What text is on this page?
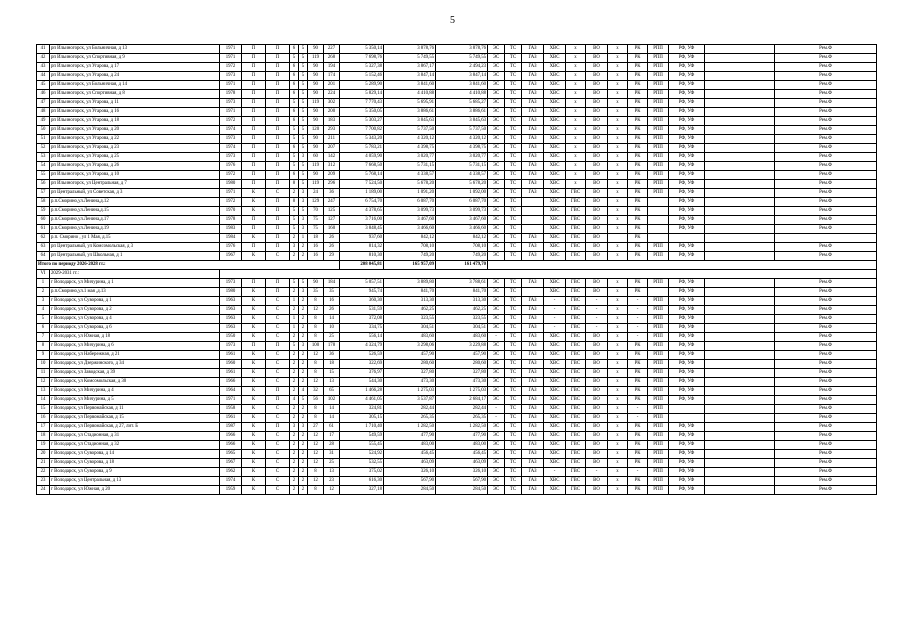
5
41	рп Ильиногорск, ул Больничная, д 13	1971	П	П	6	5	90	227	5 350,14	3 878,76	3 878,76	ЭС	ТС	ГАЗ	ХВС	х	ВО	х	РК	РПП	РФ, УФ		Рем.Ф
42	рп Ильиногорск, ул Спортивная, д 9	1971	П	П	5	5	119	268	7 698,76	5 749,55	5 749,55	ЭС	ТС	ГАЗ	ХВС	х	ВО	х	РК	РПП	РФ, УФ		Рем.Ф
43	рп Ильиногорск, ул Угарова, д 17	1972	П	П	6	5	90	194	5 327,38	3 867,17	2 494,23	ЭС	ТС	ГАЗ	ХВС	х	ВО	х	РК	РПП	РФ, УФ		Рем.Ф
44	рп Ильиногорск, ул Угарова, д 24	1973	П	П	6	5	90	174	5 152,46	3 847,14	3 847,14	ЭС	ТС	ГАЗ	ХВС	х	ВО	х	РК	РПП	РФ, УФ		Рем.Ф
45	рп Ильиногорск, ул Больничная, д 14	1971	П	П	6	5	90	201	5 289,90	3 841,60	3 841,60	ЭС	ТС	ГАЗ	ХВС	х	ВО	х	РК	РПП	РФ, УФ		Рем.Ф
46	рп Ильиногорск, ул Спортивная, д 8	1978	П	П	6	5	90	224	5 829,14	4 410,88	4 410,88	ЭС	ТС	ГАЗ	ХВС	х	ВО	х	РК	РПП	РФ, УФ		Рем.Ф
47	рп Ильиногорск, ул Угарова, д 11	1973	П	П	5	5	119	302	7 770,43	5 695,91	5 685,27	ЭС	ТС	ГАЗ	ХВС	х	ВО	х	РК	РПП	РФ, УФ		Рем.Ф
48	рп Ильиногорск, ул Угарова, д 16	1971	П	П	6	5	90	200	5 350,05	3 886,61	3 886,61	ЭС	ТС	ГАЗ	ХВС	х	ВО	х	РК	РПП	РФ, УФ		Рем.Ф
49	рп Ильиногорск, ул Угарова, д 18	1972	П	П	6	5	90	183	5 303,27	3 845,63	3 845,63	ЭС	ТС	ГАЗ	ХВС	х	ВО	х	РК	РПП	РФ, УФ		Рем.Ф
50	рп Ильиногорск, ул Угарова, д 20	1974	П	П	5	5	120	293	7 700,82	5 737,50	5 737,50	ЭС	ТС	ГАЗ	ХВС	х	ВО	х	РК	РПП	РФ, УФ		Рем.Ф
51	рп Ильиногорск, ул Угарова, д 22	1973	П	П	5	5	90	211	5 343,20	4 320,12	4 320,12	ЭС	ТС	ГАЗ	ХВС	х	ВО	х	РК	РПП	РФ, УФ		Рем.Ф
52	рп Ильиногорск, ул Угарова, д 23	1974	П	П	6	5	90	207	5 783,21	4 398,75	4 398,75	ЭС	ТС	ГАЗ	ХВС	х	ВО	х	РК	РПП	РФ, УФ		Рем.Ф
53	рп Ильиногорск, ул Угарова, д 25	1973	П	П	5	3	60	142	4 059,90	3 020,77	3 020,77	ЭС	ТС	ГАЗ	ХВС	х	ВО	х	РК	РПП	РФ, УФ		Рем.Ф
54	рп Ильиногорск, ул Угарова, д 26	1976	П	П	5	5	119	312	7 668,50	5 731,15	5 731,15	ЭС	ТС	ГАЗ	ХВС	х	ВО	х	РК	РПП	РФ, УФ		Рем.Ф
55	рп Ильиногорск, ул Угарова, д 10	1972	П	П	6	5	90	209	5 768,14	4 338,57	4 338,57	ЭС	ТС	ГАЗ	ХВС	х	ВО	х	РК	РПП	РФ, УФ		Рем.Ф
56	рп Ильиногорск, ул Центральная, д 7	1980	П	П	8	5	119	296	7 524,50	5 678,20	5 678,20	ЭС	ТС	ГАЗ	ХВС	х	ВО	х	РК	РПП	РФ, УФ		Рем.Ф
57	рп Центральный, ул Советская, д 3	1971	К	С	2	3	24	36	1 189,00	1 091,20	1 092,00	ЭС	ТС	ГАЗ	ХВС	ГВС	ВО	х	РК	РПП	РФ, УФ		Рем.Ф
58	р.п.Сморино,ул.Ленина,д.12	1972	К	П	8	3	129	247	6 754,70	6 087,70	6 087,70	ЭС	ТС		ХВС	ГВС	ВО	х	РК		РФ, УФ		Рем.Ф
59	р.п.Сморино,ул.Ленина,д.15	1970	К	П	5	5	70	125	4 378,65	3 099,73	3 099,73	ЭС	ТС		ХВС	ГВС	ВО	х	РК		РФ, УФ		Рем.Ф
60	р.п.Сморино,ул.Ленина,д.17	1978	П	П	5	3	75	127	3 716,00	3 467,60	3 467,60	ЭС	ТС		ХВС	ГВС	ВО	х	РК		РФ, УФ		Рем.Ф
61	р.п.Сморино,ул.Ленина,д.19	1983	П	П	5	3	75	160	3 848,45	3 466,60	3 466,60	ЭС	ТС		ХВС	ГВС	ВО	х	РК		РФ, УФ		Рем.Ф
62	р.п. Сморино , ул 1 Мая, д.15	1984	К	П	2	1	18	26	937,60	842,12	842,12	ЭС	ТС	ГАЗ	ХВС	ГВС	ВО		РК				
63	рп Центральный, ул Комсомольская, д 3	1976	П	П	3	2	16	26	814,32	708,10	708,10	ЭС	ТС	ГАЗ	ХВС	ГВС	ВО	х	РК	РПП	РФ, УФ		Рем.Ф
64	рп Центральный, ул Школьная, д 1	1967	К	С	2	2	16	29	810,30	749,20	749,20	ЭС	ТС	ГАЗ	ХВС	ГВС	ВО	х	РК	РПП	РФ, УФ		Рем.Ф
Итого по периоду 2026-2028 гг.:									208 045,81	165 957,09	161 479,70												
VI	2029-2031 гг.:																						
1	г Володарск, ул Мичурина, д 1	1973	П	П	5	5	90	184	5 057,51	3 889,80	3 788,61	ЭС	ТС	ГАЗ	ХВС	ГВС	ВО	х	РК	РПП	РФ, УФ		Рем.Ф
2	р.п.Сморино,ул.1 мая ,д.13	1980	К	П	2	3	35	35	945,74	841,70	841,70	ЭС	ТС		ХВС	ГВС	ВО	х	РК		РФ, УФ		Рем.Ф
3	г Володарск, ул Суворова, д 1	1963	К	С	1	2	8	16	360,30	313,30	313,30	ЭС	ТС	ГАЗ	-	ГВС	-	х	-	РПП	РФ, УФ		Рем.Ф
4	г Володарск, ул Суворова, д 2	1963	К	С	2	2	12	26	531,59	462,25	462,25	ЭС	ТС	ГАЗ	-	ГВС	-	х	-	РПП	РФ, УФ		Рем.Ф
5	г Володарск, ул Суворова, д 4	1963	К	С	1	2	8	14	372,08	323,55	323,55	ЭС	ТС	ГАЗ	-	ГВС	-	х	-	РПП	РФ, УФ		Рем.Ф
6	г Володарск, ул Суворова, д 6	1963	К	С	1	2	8	10	334,75	304,51	304,51	ЭС	ТС	ГАЗ	-	ГВС	-	х	-	РПП	РФ, УФ		Рем.Ф
7	г Володарск, ул Южная, д 18	1950	К	С	2	2	8	25	556,14	483,60	483,60	-	ТС	ГАЗ	ХВС	ГВС	ВО	х	-	РПП	РФ, УФ		Рем.Ф
8	г Володарск, ул Мичурина, д 6	1973	П	П	5	3	100	178	4 324,79	3 298,06	3 229,88	ЭС	ТС	ГАЗ	ХВС	ГВС	ВО	х	РК	РПП	РФ, УФ		Рем.Ф
9	г Володарск, ул Набережная, д 21	1961	К	С	2	2	12	36	526,59	457,90	457,90	ЭС	ТС	ГАЗ	ХВС	ГВС	ВО	х	РК	РПП	РФ, УФ		Рем.Ф
10	г Володарск, ул Дзержинского, д 34	1960	К	С	2	2	8	18	322,69	280,60	280,60	ЭС	ТС	ГАЗ	ХВС	ГВС	ВО	х	РК	РПП	РФ, УФ		Рем.Ф
11	г Володарск, ул Заводская, д 39	1961	К	С	2	2	8	15	376,97	327,80	327,80	ЭС	ТС	ГАЗ	ХВС	ГВС	ВО	х	РК	РПП	РФ, УФ		Рем.Ф
12	г Володарск, ул Комсомольская, д 30	1966	К	С	2	2	12	13	544,30	473,30	473,30	ЭС	ТС	ГАЗ	ХВС	ГВС	ВО	х	РК	РПП	РФ, УФ		Рем.Ф
13	г Володарск, ул Мичурина, д 4	1964	К	П	2	4	32	65	1 466,28	1 275,03	1 275,03	ЭС	ТС	ГАЗ	ХВС	ГВС	ВО	х	РК	РПП	РФ, УФ		Рем.Ф
14	г Володарск, ул Мичурина, д 5	1971	К	П	4	5	56	102	4 461,05	3 537,87	2 684,17	ЭС	ТС	ГАЗ	ХВС	ГВС	ВО	х	РК	РПП	РФ, УФ		Рем.Ф
15	г Володарск, ул Первомайская, д 11	1958	К	С	2	2	8	14	324,81	282,44	282,44	-	ТС	ГАЗ	ХВС	ГВС	ВО	х	-	РПП			Рем.Ф
16	г Володарск, ул Первомайская, д 15	1961	К	С	2	2	8	14	305,15	265,35	265,35	-	ТС	ГАЗ	ХВС	ГВС	ВО	х	-	РПП			Рем.Ф
17	г Володарск, ул Первомайская, д 27, лит. Б	1987	К	П	3	3	27	61	1 710,40	1 282,50	1 282,50	ЭС	ТС	ГАЗ	ХВС	ГВС	ВО	х	РК	РПП	РФ, УФ		Рем.Ф
18	г Володарск, ул Стадионная, д 31	1966	К	С	2	2	12	17	549,59	477,90	477,90	ЭС	ТС	ГАЗ	ХВС	ГВС	ВО	х	РК	РПП	РФ, УФ		Рем.Ф
19	г Володарск, ул Стадионная, д 32	1966	К	С	2	2	12	28	555,45	483,00	483,00	ЭС	ТС	ГАЗ	ХВС	ГВС	ВО	х	РК	РПП	РФ, УФ		Рем.Ф
20	г Володарск, ул Суворова, д 14	1965	К	С	2	2	12	31	524,92	456,45	456,45	ЭС	ТС	ГАЗ	ХВС	ГВС	ВО	х	РК	РПП	РФ, УФ		Рем.Ф
21	г Володарск, ул Суворова, д 18	1967	К	С	2	2	12	25	532,55	463,09	463,09	ЭС	ТС	ГАЗ	ХВС	ГВС	ВО	х	РК	РПП	РФ, УФ		Рем.Ф
22	г Володарск, ул Суворова, д 9	1962	К	С	2	2	8	13	375,02	326,10	326,10	ЭС	ТС	ГАЗ	-	ГВС	-	х	-	РПП	РФ, УФ		Рем.Ф
23	г Володарск, ул Центральная, д 13	1974	К	С	2	2	12	23	616,30	567,90	567,90	ЭС	ТС	ГАЗ	ХВС	ГВС	ВО	х	РК	РПП	РФ, УФ		Рем.Ф
24	г Володарск, ул Южная, д 20	1959	К	С	2	2	8	12	327,18	284,50	284,50	ЭС	ТС	ГАЗ	ХВС	ГВС	ВО	х	РК	РПП	РФ, УФ		Рем.Ф
